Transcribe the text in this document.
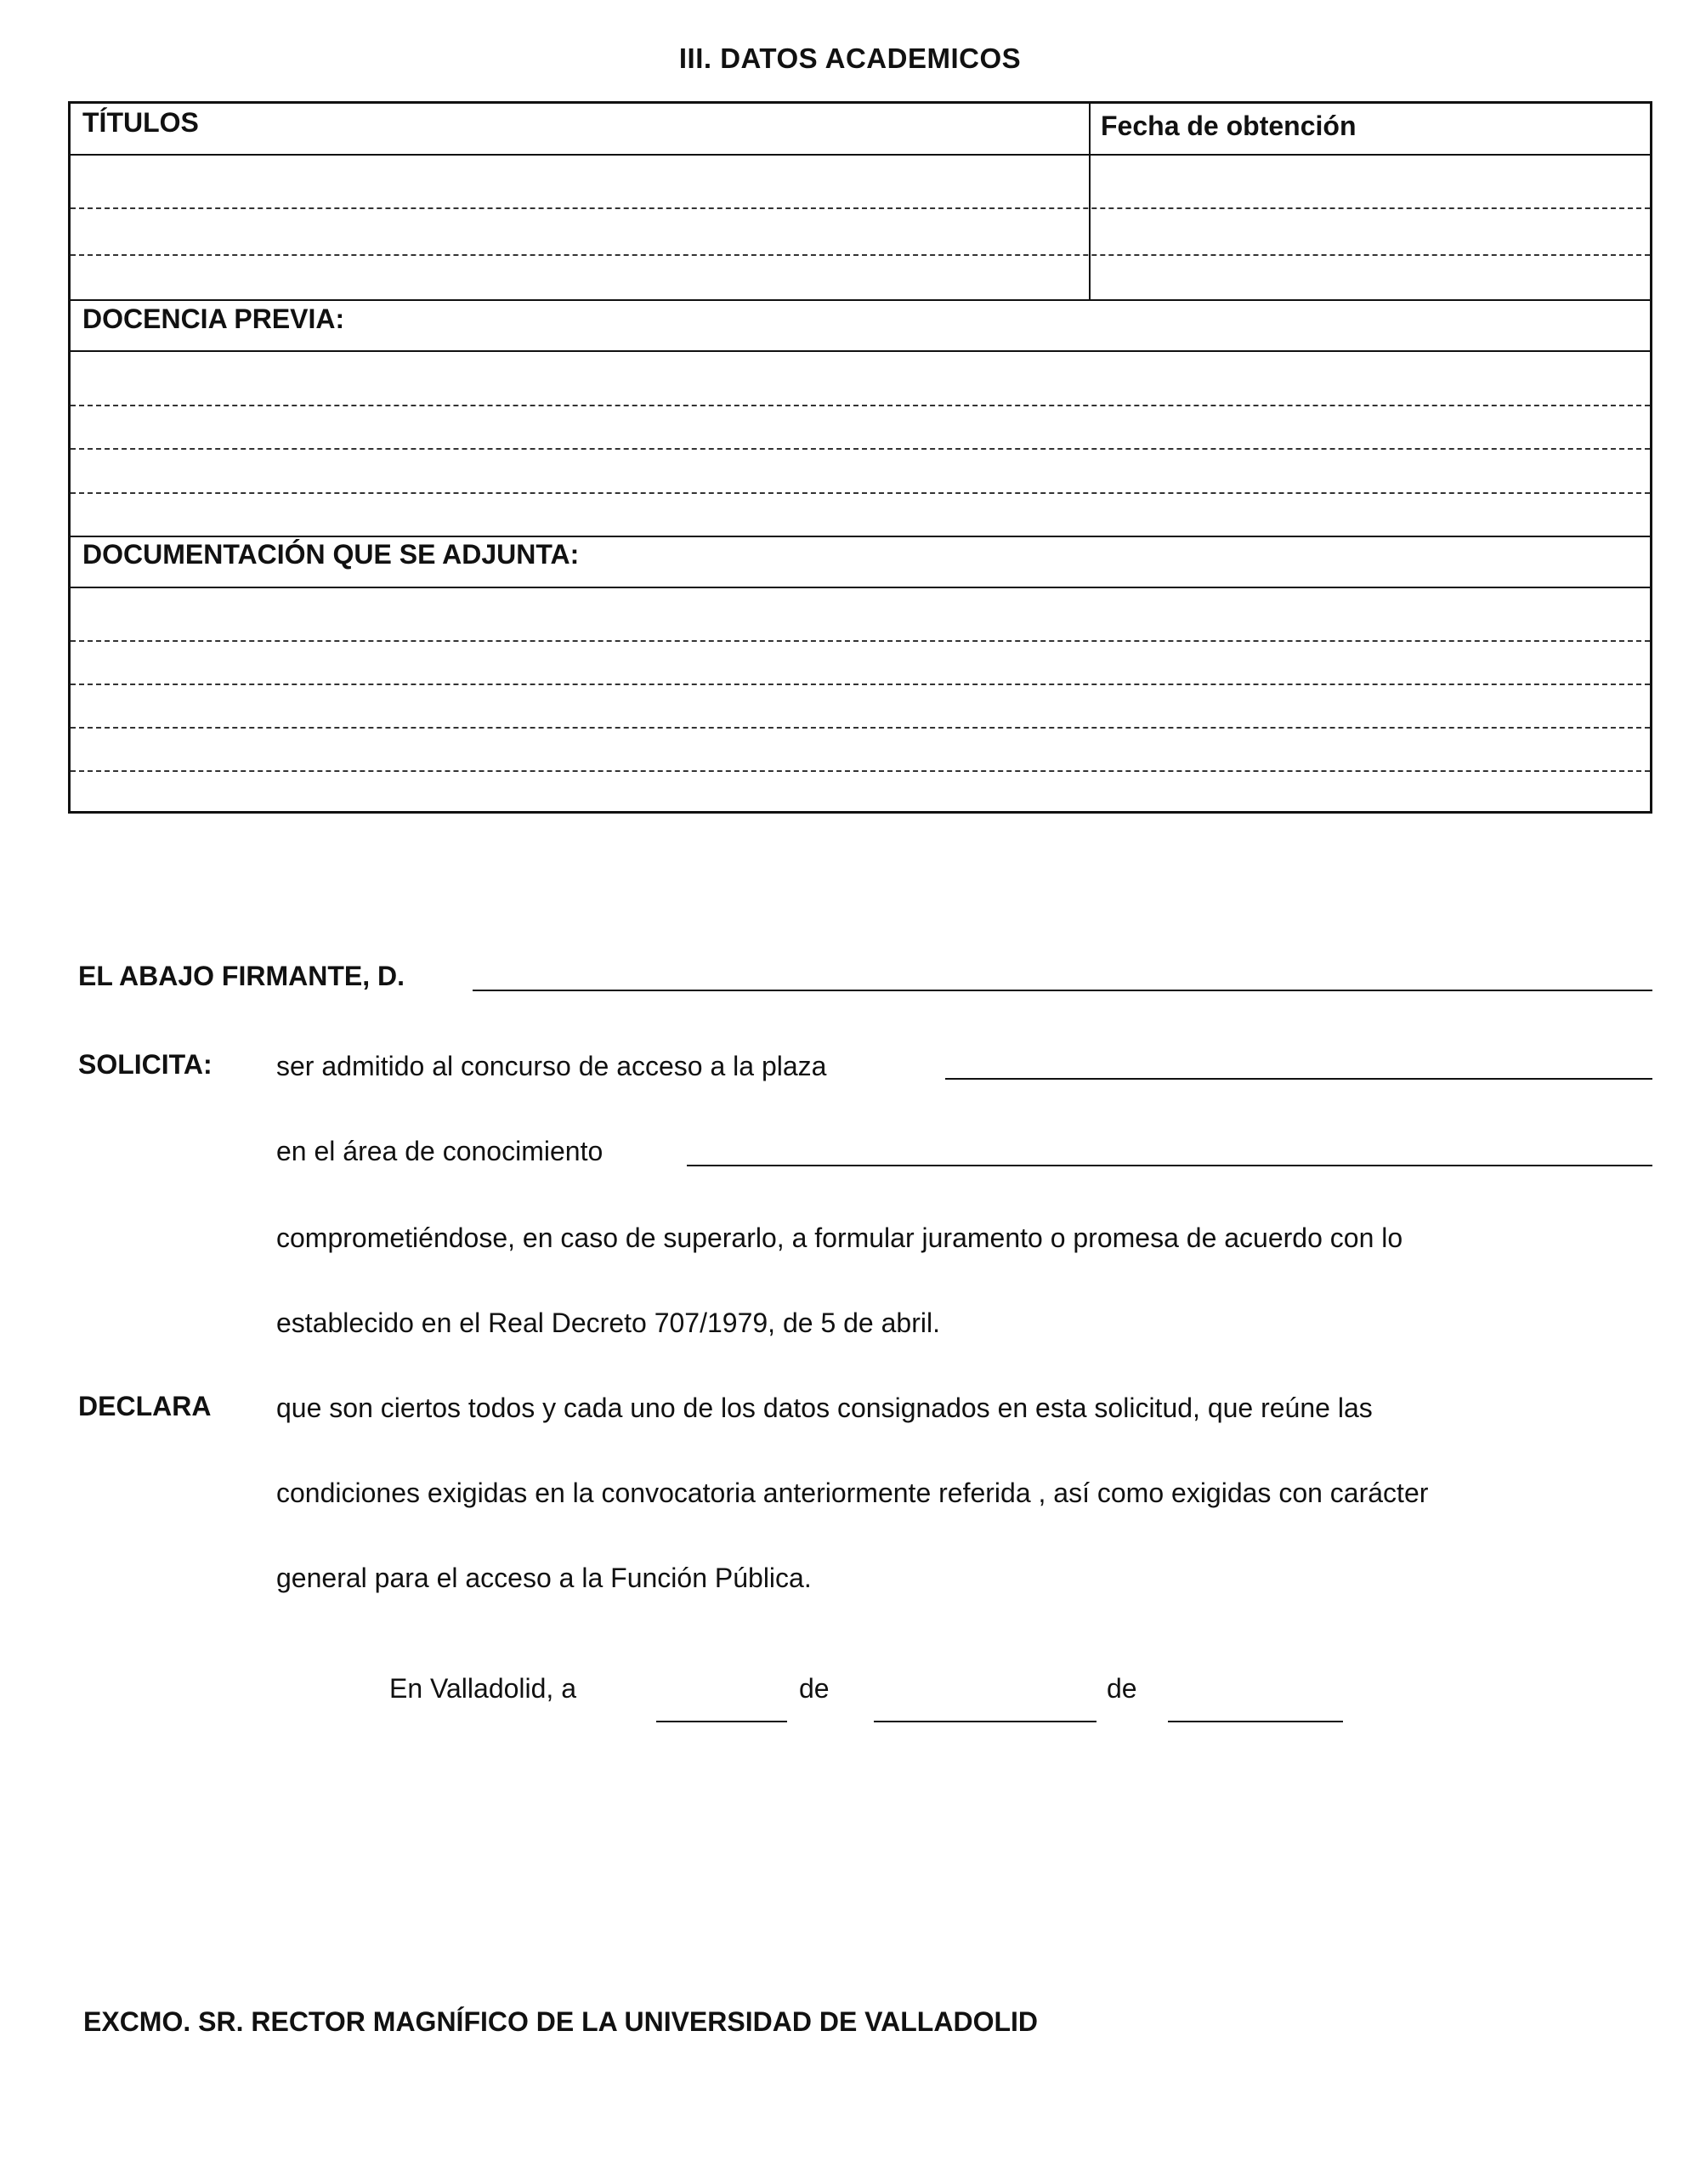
III. DATOS ACADEMICOS
TÍTULOS	Fecha de obtención
DOCENCIA PREVIA:
DOCUMENTACIÓN QUE SE ADJUNTA:
EL ABAJO FIRMANTE, D.
SOLICITA: ser admitido al concurso de acceso a la plaza
en el área de conocimiento
comprometiéndose, en caso de superarlo, a formular juramento o promesa de acuerdo con lo
establecido en el Real Decreto 707/1979, de 5 de abril.
DECLARA que son ciertos todos y cada uno de los datos consignados en esta solicitud, que reúne las
condiciones exigidas en la convocatoria anteriormente referida , así como exigidas con carácter
general para el acceso a la Función Pública.
En Valladolid, a	de	de
EXCMO. SR. RECTOR MAGNÍFICO DE LA UNIVERSIDAD DE VALLADOLID
